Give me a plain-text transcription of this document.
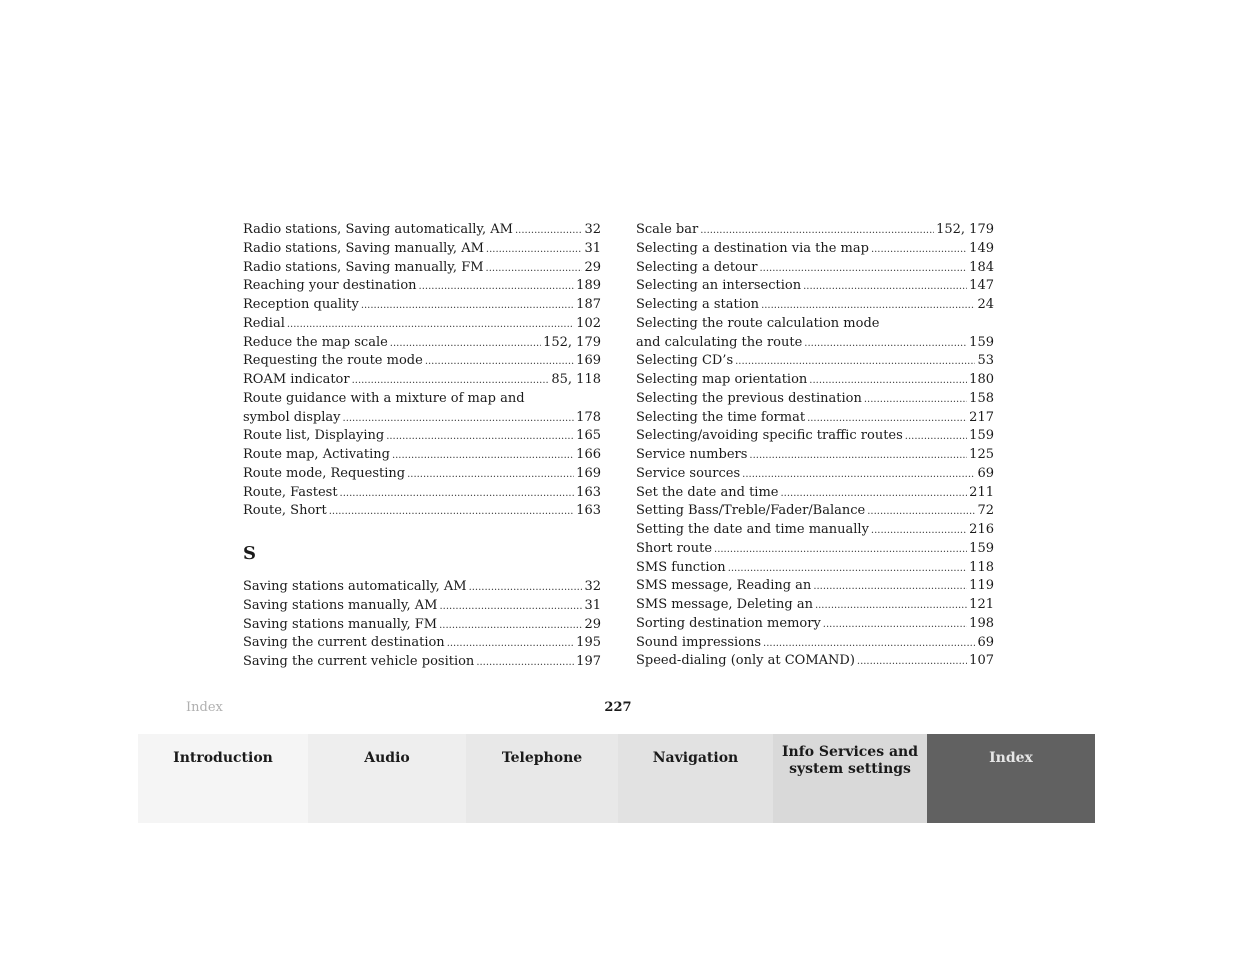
Radio stations, Saving automatically, AM .....	32
Radio stations, Saving manually, AM .....	31
Radio stations, Saving manually, FM .....	29
Reaching your destination .....	189
Reception quality .....	187
Redial .....	102
Reduce the map scale .....	152, 179
Requesting the route mode .....	169
ROAM indicator .....	85, 118
Route guidance with a mixture of map and
symbol display .....	178
Route list, Displaying .....	165
Route map, Activating .....	166
Route mode, Requesting .....	169
Route, Fastest .....	163
Route, Short .....	163
S
Saving stations automatically, AM .....	32
Saving stations manually, AM .....	31
Saving stations manually, FM .....	29
Saving the current destination .....	195
Saving the current vehicle position .....	197
Scale bar .....	152, 179
Selecting a destination via the map .....	149
Selecting a detour .....	184
Selecting an intersection .....	147
Selecting a station .....	24
Selecting the route calculation mode
and calculating the route .....	159
Selecting CD’s .....	53
Selecting map orientation .....	180
Selecting the previous destination .....	158
Selecting the time format .....	217
Selecting/avoiding specific traffic routes .....	159
Service numbers .....	125
Service sources .....	69
Set the date and time .....	211
Setting Bass/Treble/Fader/Balance .....	72
Setting the date and time manually .....	216
Short route .....	159
SMS function .....	118
SMS message, Reading an .....	119
SMS message, Deleting an .....	121
Sorting destination memory .....	198
Sound impressions .....	69
Speed-dialing (only at COMAND) .....	107
Index	227
Introduction	Audio	Telephone	Navigation	Info Services and
system settings
Index
